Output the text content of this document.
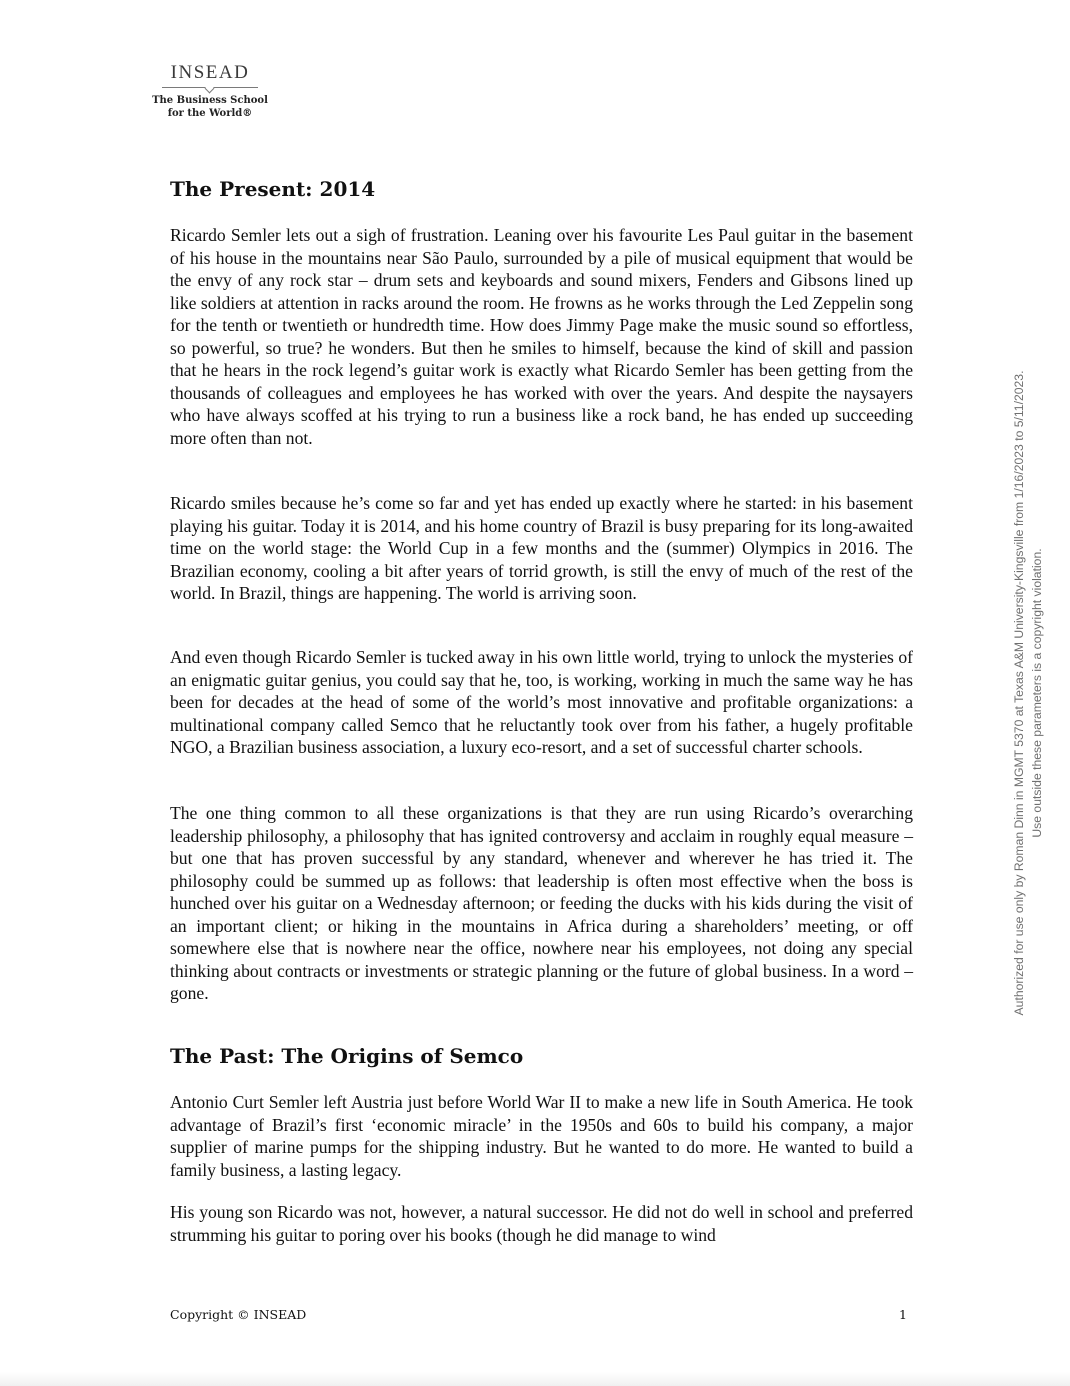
INSEAD
The Business School
for the World®
The Present: 2014

Ricardo Semler lets out a sigh of frustration. Leaning over his favourite Les Paul guitar in the basement of his house in the mountains near São Paulo, surrounded by a pile of musical equipment that would be the envy of any rock star – drum sets and keyboards and sound mixers, Fenders and Gibsons lined up like soldiers at attention in racks around the room. He frowns as he works through the Led Zeppelin song for the tenth or twentieth or hundredth time. How does Jimmy Page make the music sound so effortless, so powerful, so true? he wonders. But then he smiles to himself, because the kind of skill and passion that he hears in the rock legend’s guitar work is exactly what Ricardo Semler has been getting from the thousands of colleagues and employees he has worked with over the years. And despite the naysayers who have always scoffed at his trying to run a business like a rock band, he has ended up succeeding more often than not.

Ricardo smiles because he’s come so far and yet has ended up exactly where he started: in his basement playing his guitar. Today it is 2014, and his home country of Brazil is busy preparing for its long-awaited time on the world stage: the World Cup in a few months and the (summer) Olympics in 2016. The Brazilian economy, cooling a bit after years of torrid growth, is still the envy of much of the rest of the world. In Brazil, things are happening. The world is arriving soon.

And even though Ricardo Semler is tucked away in his own little world, trying to unlock the mysteries of an enigmatic guitar genius, you could say that he, too, is working, working in much the same way he has been for decades at the head of some of the world’s most innovative and profitable organizations: a multinational company called Semco that he reluctantly took over from his father, a hugely profitable NGO, a Brazilian business association, a luxury eco-resort, and a set of successful charter schools.

The one thing common to all these organizations is that they are run using Ricardo’s overarching leadership philosophy, a philosophy that has ignited controversy and acclaim in roughly equal measure – but one that has proven successful by any standard, whenever and wherever he has tried it. The philosophy could be summed up as follows: that leadership is often most effective when the boss is hunched over his guitar on a Wednesday afternoon; or feeding the ducks with his kids during the visit of an important client; or hiking in the mountains in Africa during a shareholders’ meeting, or off somewhere else that is nowhere near the office, nowhere near his employees, not doing any special thinking about contracts or investments or strategic planning or the future of global business. In a word – gone.

The Past: The Origins of Semco

Antonio Curt Semler left Austria just before World War II to make a new life in South America. He took advantage of Brazil’s first ‘economic miracle’ in the 1950s and 60s to build his company, a major supplier of marine pumps for the shipping industry. But he wanted to do more. He wanted to build a family business, a lasting legacy.

His young son Ricardo was not, however, a natural successor. He did not do well in school and preferred strumming his guitar to poring over his books (though he did manage to wind

Copyright © INSEAD	1
Authorized for use only by Roman Dinn in MGMT 5370 at Texas A&M University-Kingsville from 1/16/2023 to 5/11/2023. Use outside these parameters is a copyright violation.
